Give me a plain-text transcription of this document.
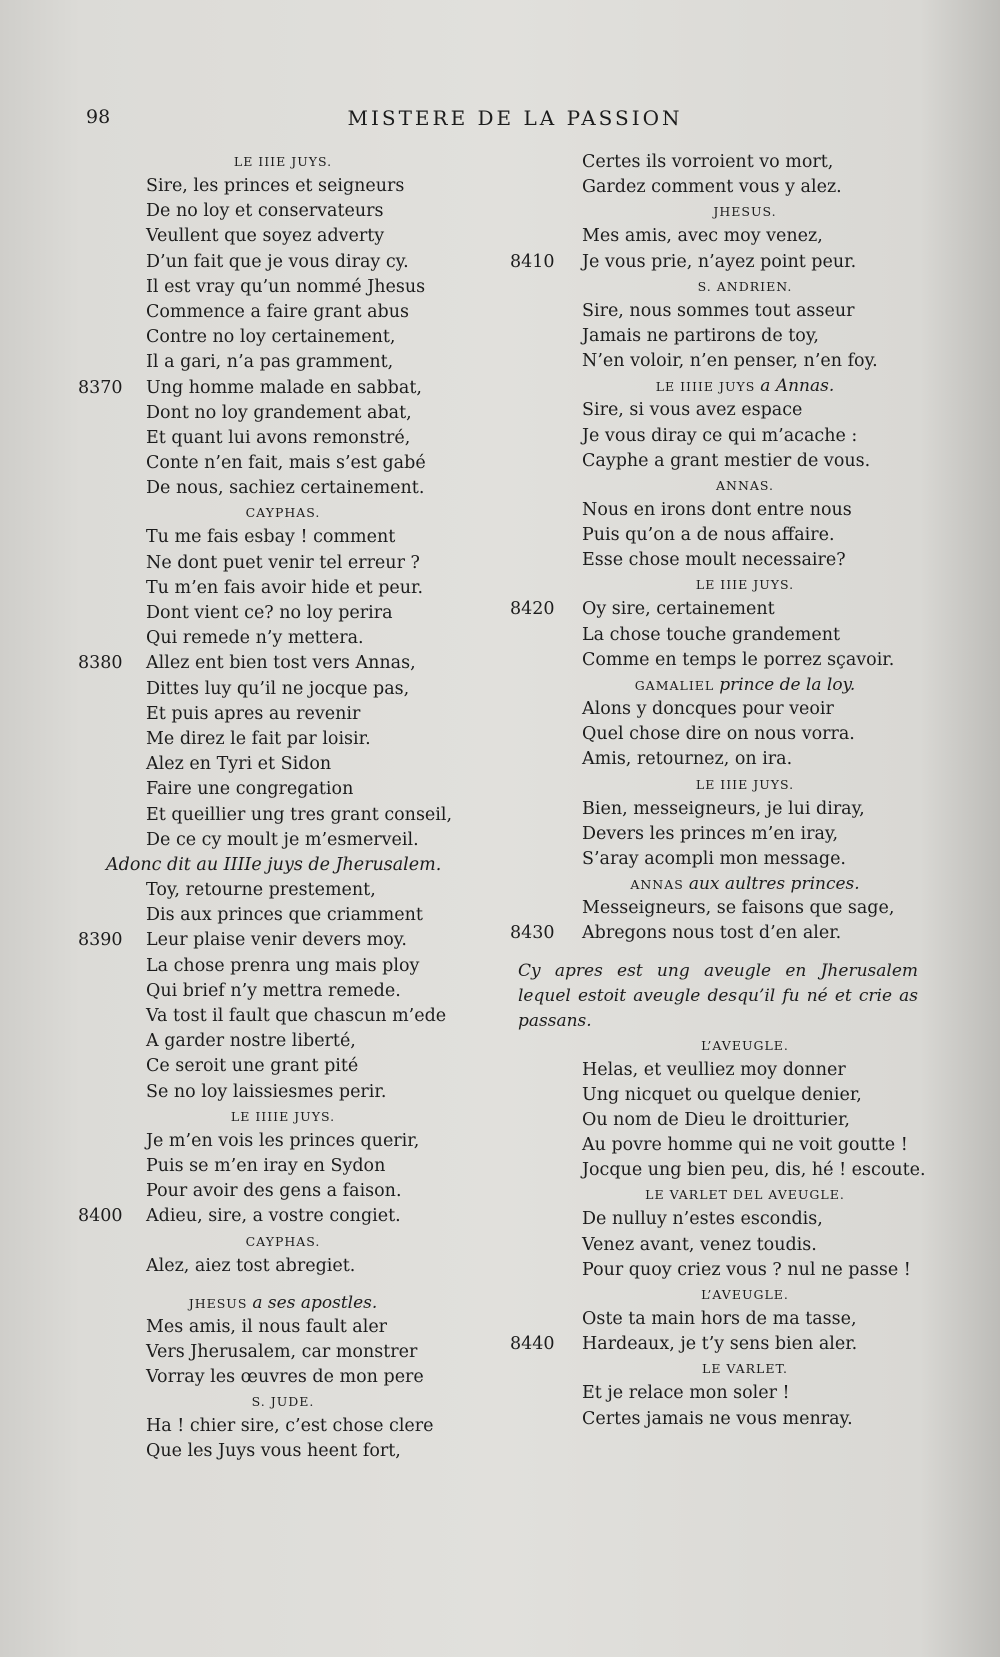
98	MISTERE DE LA PASSION
LE IIIE JUYS.
Sire, les princes et seigneurs
De no loy et conservateurs
Veullent que soyez adverty
D’un fait que je vous diray cy.
Il est vray qu’un nommé Jhesus
Commence a faire grant abus
Contre no loy certainement,
Il a gari, n’a pas gramment,
8370 Ung homme malade en sabbat,
Dont no loy grandement abat,
Et quant lui avons remonstré,
Conte n’en fait, mais s’est gabé
De nous, sachiez certainement.
CAYPHAS.
Tu me fais esbay ! comment
Ne dont puet venir tel erreur ?
Tu m’en fais avoir hide et peur.
Dont vient ce? no loy perira
Qui remede n’y mettera.
8380 Allez ent bien tost vers Annas,
Dittes luy qu’il ne jocque pas,
Et puis apres au revenir
Me direz le fait par loisir.
Alez en Tyri et Sidon
Faire une congregation
Et queillier ung tres grant conseil,
De ce cy moult je m’esmerveil.
Adonc dit au IIIIe juys de Jherusalem.
Toy, retourne prestement,
Dis aux princes que criamment
8390 Leur plaise venir devers moy.
La chose prenra ung mais ploy
Qui brief n’y mettra remede.
Va tost il fault que chascun m’ede
A garder nostre liberté,
Ce seroit une grant pité
Se no loy laissiesmes perir.
LE IIIIE JUYS.
Je m’en vois les princes querir,
Puis se m’en iray en Sydon
Pour avoir des gens a faison.
8400 Adieu, sire, a vostre congiet.
CAYPHAS.
Alez, aiez tost abregiet.
JHESUS a ses apostles.
Mes amis, il nous fault aler
Vers Jherusalem, car monstrer
Vorray les œuvres de mon pere
S. JUDE.
Ha ! chier sire, c’est chose clere
Que les Juys vous heent fort,
Certes ils vorroient vo mort,
Gardez comment vous y alez.
JHESUS.
Mes amis, avec moy venez,
8410 Je vous prie, n’ayez point peur.
S. ANDRIEN.
Sire, nous sommes tout asseur
Jamais ne partirons de toy,
N’en voloir, n’en penser, n’en foy.
LE IIIIE JUYS a Annas.
Sire, si vous avez espace
Je vous diray ce qui m’acache :
Cayphe a grant mestier de vous.
ANNAS.
Nous en irons dont entre nous
Puis qu’on a de nous affaire.
Esse chose moult necessaire?
LE IIIE JUYS.
8420 Oy sire, certainement
La chose touche grandement
Comme en temps le porrez sçavoir.
GAMALIEL prince de la loy.
Alons y doncques pour veoir
Quel chose dire on nous vorra.
Amis, retournez, on ira.
LE IIIE JUYS.
Bien, messeigneurs, je lui diray,
Devers les princes m’en iray,
S’aray acompli mon message.
ANNAS aux aultres princes.
Messeigneurs, se faisons que sage,
8430 Abregons nous tost d’en aler.
Cy apres est ung aveugle en Jherusalem lequel estoit aveugle desqu’il fu né et crie as passans.
L’AVEUGLE.
Helas, et veulliez moy donner
Ung nicquet ou quelque denier,
Ou nom de Dieu le droitturier,
Au povre homme qui ne voit goutte !
Jocque ung bien peu, dis, hé ! escoute.
LE VARLET DEL AVEUGLE.
De nulluy n’estes escondis,
Venez avant, venez toudis.
Pour quoy criez vous ? nul ne passe !
L’AVEUGLE.
Oste ta main hors de ma tasse,
8440 Hardeaux, je t’y sens bien aler.
LE VARLET.
Et je relace mon soler !
Certes jamais ne vous menray.
